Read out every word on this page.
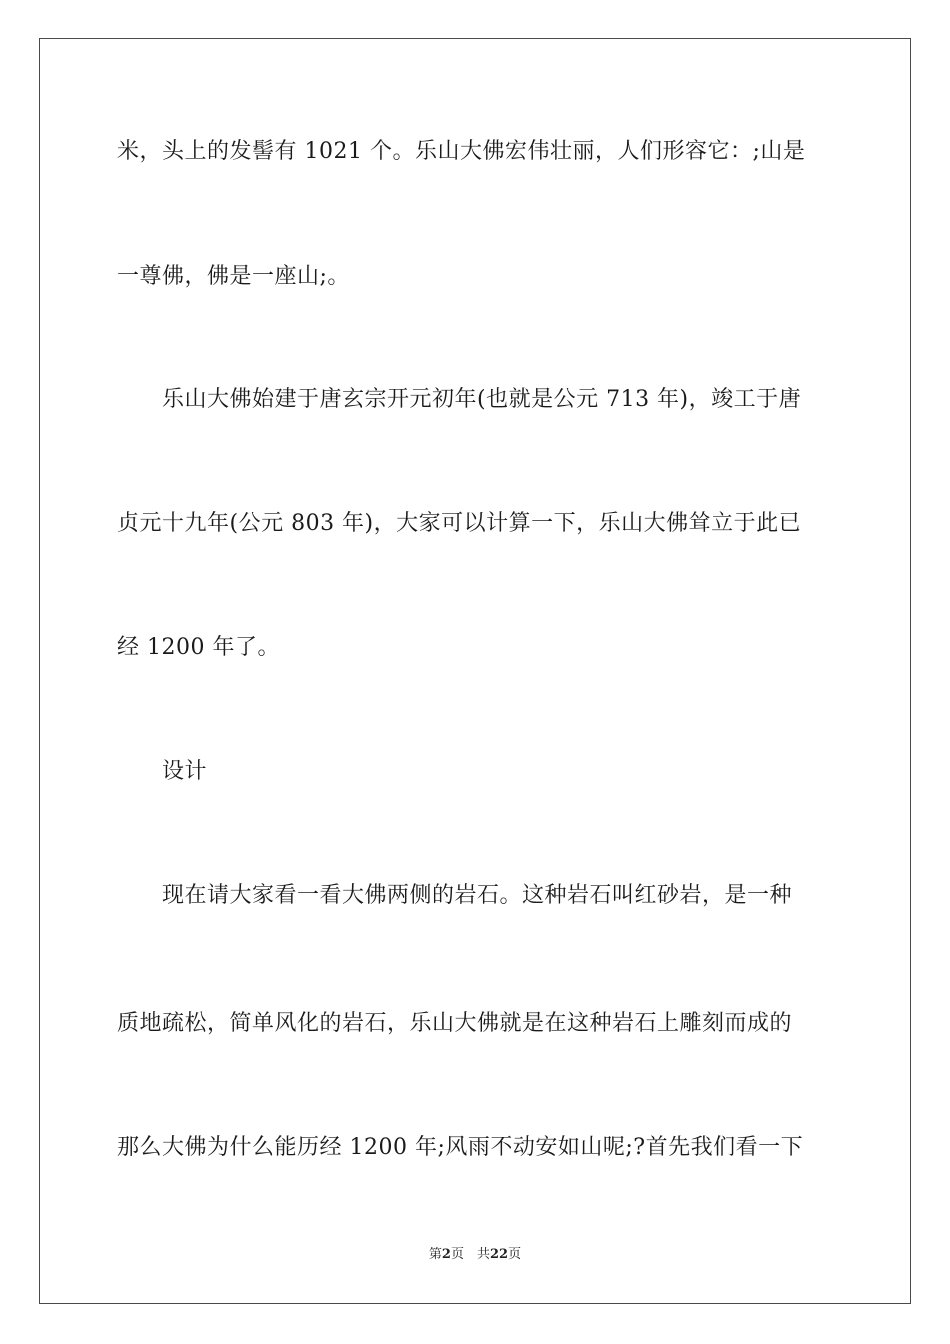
米，头上的发髻有 1021 个。乐山大佛宏伟壮丽，人们形容它：;山是
一尊佛，佛是一座山;。
　　乐山大佛始建于唐玄宗开元初年(也就是公元 713 年)，竣工于唐
贞元十九年(公元 803 年)，大家可以计算一下，乐山大佛耸立于此已
经 1200 年了。
　　设计
　　现在请大家看一看大佛两侧的岩石。这种岩石叫红砂岩，是一种
质地疏松，简单风化的岩石，乐山大佛就是在这种岩石上雕刻而成的
那么大佛为什么能历经 1200 年;风雨不动安如山呢;?首先我们看一下
第2页　共22页
